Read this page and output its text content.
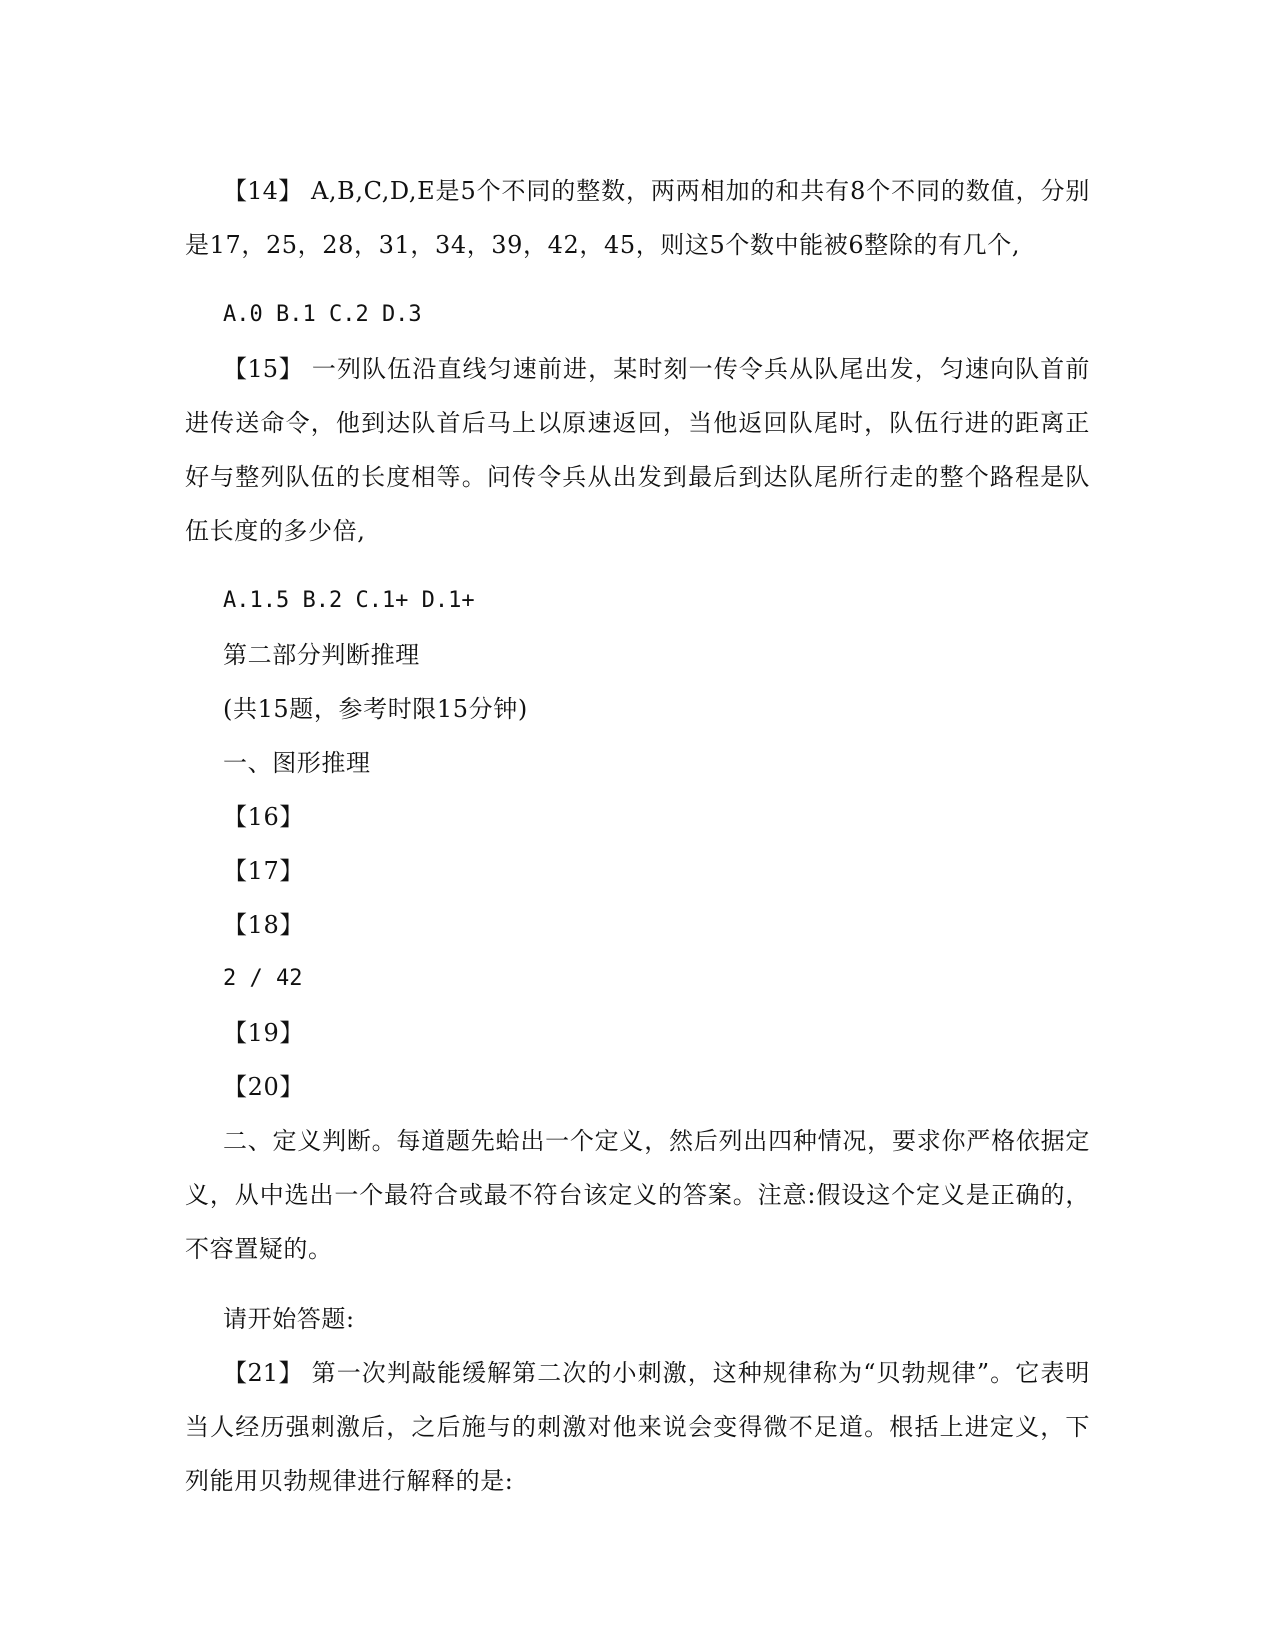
【14】 A,B,C,D,E是5个不同的整数，两两相加的和共有8个不同的数值，分别是17，25，28，31，34，39，42，45，则这5个数中能被6整除的有几个,

A.0 B.1 C.2 D.3

【15】 一列队伍沿直线匀速前进，某时刻一传令兵从队尾出发，匀速向队首前进传送命令，他到达队首后马上以原速返回，当他返回队尾时，队伍行进的距离正好与整列队伍的长度相等。问传令兵从出发到最后到达队尾所行走的整个路程是队伍长度的多少倍,

A.1.5 B.2 C.1+ D.1+

第二部分判断推理

(共15题，参考时限15分钟)

一、图形推理

【16】

【17】

【18】

2 / 42

【19】

【20】

二、定义判断。每道题先蛤出一个定义，然后列出四种情况，要求你严格依据定义，从中选出一个最符合或最不符台该定义的答案。注意:假设这个定义是正确的，不容置疑的。

请开始答题:

【21】 第一次判敲能缓解第二次的小刺激，这种规律称为“贝勃规律”。它表明当人经历强刺激后，之后施与的刺激对他来说会变得微不足道。根括上进定义，下列能用贝勃规律进行解释的是:
